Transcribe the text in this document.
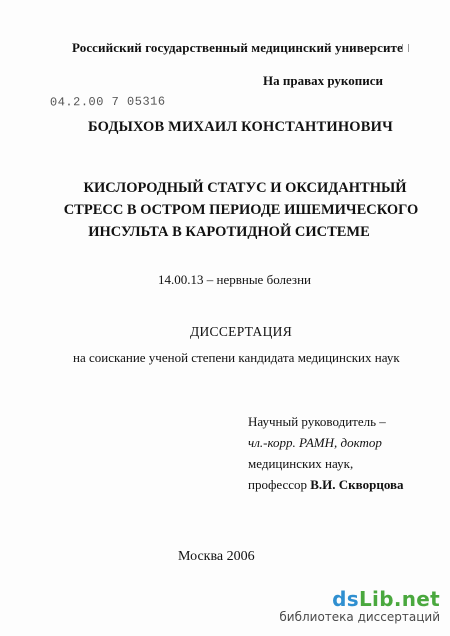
Российский государственный медицинский университе
На правах рукописи
04.2.00 7 05316
БОДЫХОВ МИХАИЛ КОНСТАНТИНОВИЧ
КИСЛОРОДНЫЙ СТАТУС И ОКСИДАНТНЫЙ
СТРЕСС В ОСТРОМ ПЕРИОДЕ ИШЕМИЧЕСКОГО
ИНСУЛЬТА В КАРОТИДНОЙ СИСТЕМЕ
14.00.13 – нервные болезни
ДИССЕРТАЦИЯ
на соискание ученой степени кандидата медицинских наук
Научный руководитель –
чл.-корр. РАМН, доктор
медицинских наук,
профессор В.И. Скворцова
Москва 2006
dsLib.net
библиотека диссертаций
